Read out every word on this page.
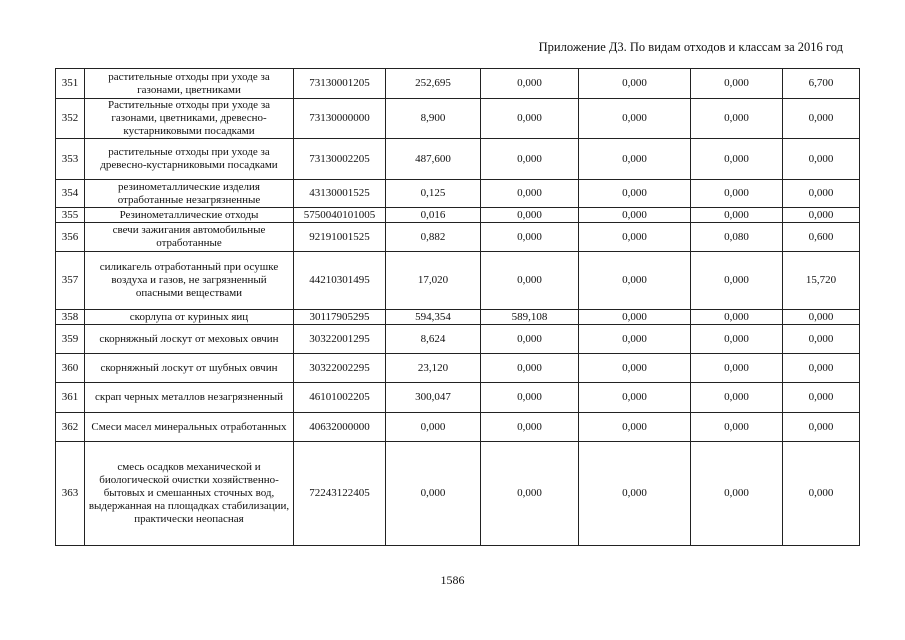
Приложение Д3. По видам отходов и классам за 2016 год
351	растительные отходы при уходе за газонами, цветниками	73130001205	252,695	0,000	0,000	0,000	6,700
352	Растительные отходы при уходе за газонами, цветниками, древесно-кустарниковыми посадками	73130000000	8,900	0,000	0,000	0,000	0,000
353	растительные отходы при уходе за древесно-кустарниковыми посадками	73130002205	487,600	0,000	0,000	0,000	0,000
354	резинометаллические изделия отработанные незагрязненные	43130001525	0,125	0,000	0,000	0,000	0,000
355	Резинометаллические отходы	5750040101005	0,016	0,000	0,000	0,000	0,000
356	свечи зажигания автомобильные отработанные	92191001525	0,882	0,000	0,000	0,080	0,600
357	силикагель отработанный при осушке воздуха и газов, не загрязненный опасными веществами	44210301495	17,020	0,000	0,000	0,000	15,720
358	скорлупа от куриных яиц	30117905295	594,354	589,108	0,000	0,000	0,000
359	скорняжный лоскут от меховых овчин	30322001295	8,624	0,000	0,000	0,000	0,000
360	скорняжный лоскут от шубных овчин	30322002295	23,120	0,000	0,000	0,000	0,000
361	скрап черных металлов незагрязненный	46101002205	300,047	0,000	0,000	0,000	0,000
362	Смеси масел минеральных отработанных	40632000000	0,000	0,000	0,000	0,000	0,000
363	смесь осадков механической и биологической очистки хозяйственно- бытовых и смешанных сточных вод, выдержанная на площадках стабилизации, практически неопасная	72243122405	0,000	0,000	0,000	0,000	0,000
1586
